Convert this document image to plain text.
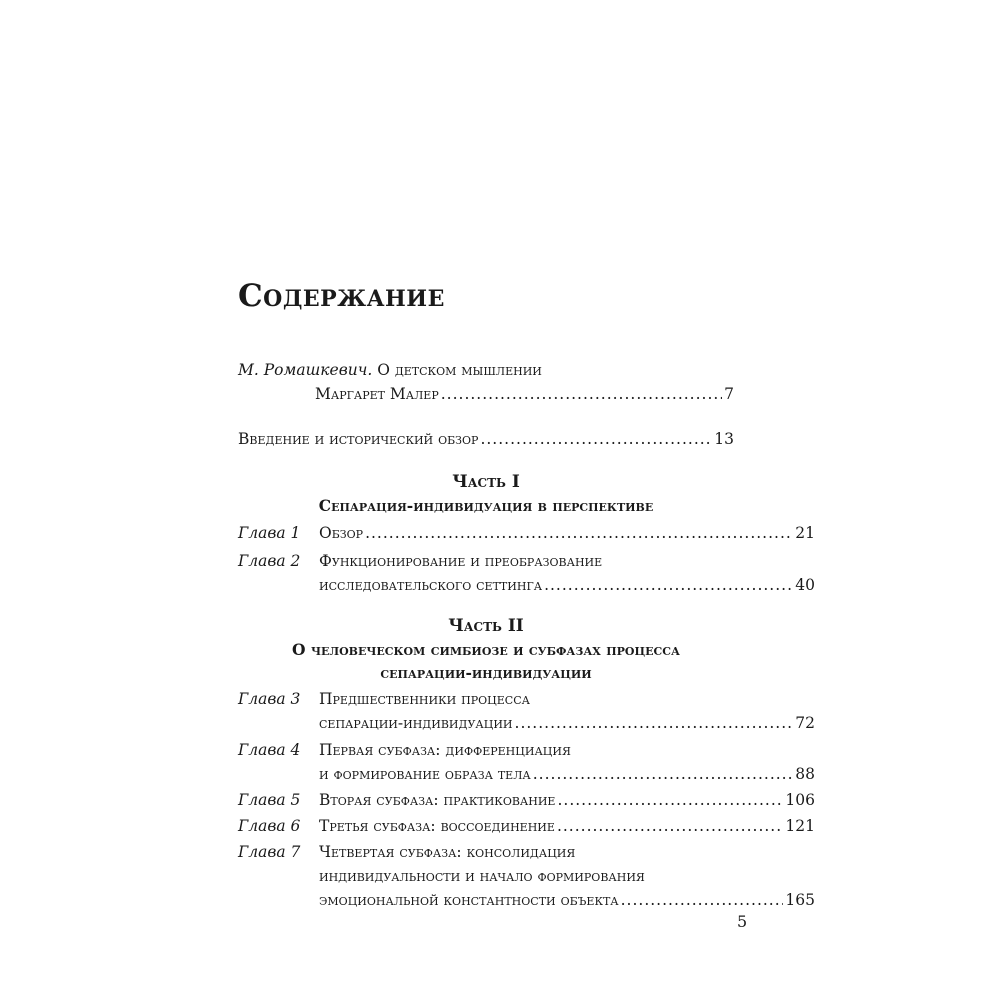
Содержание
М. Ромашкевич. О детском мышлении
Маргарет Малер .....	7
Введение и исторический обзор .....	13
Часть I
Сепарация-индивидуация в перспективе
Глава 1	Обзор .....	21
Глава 2	Функционирование и преобразование
исследовательского сеттинга .....	40
Часть II
О человеческом симбиозе и субфазах процесса
сепарации-индивидуации
Глава 3	Предшественники процесса
сепарации-индивидуации .....	72
Глава 4	Первая субфаза: дифференциация
и формирование образа тела .....	88
Глава 5	Вторая субфаза: практикование .....	106
Глава 6	Третья субфаза: воссоединение .....	121
Глава 7	Четвертая субфаза: консолидация
индивидуальности и начало формирования
эмоциональной константности объекта .....	165
5
